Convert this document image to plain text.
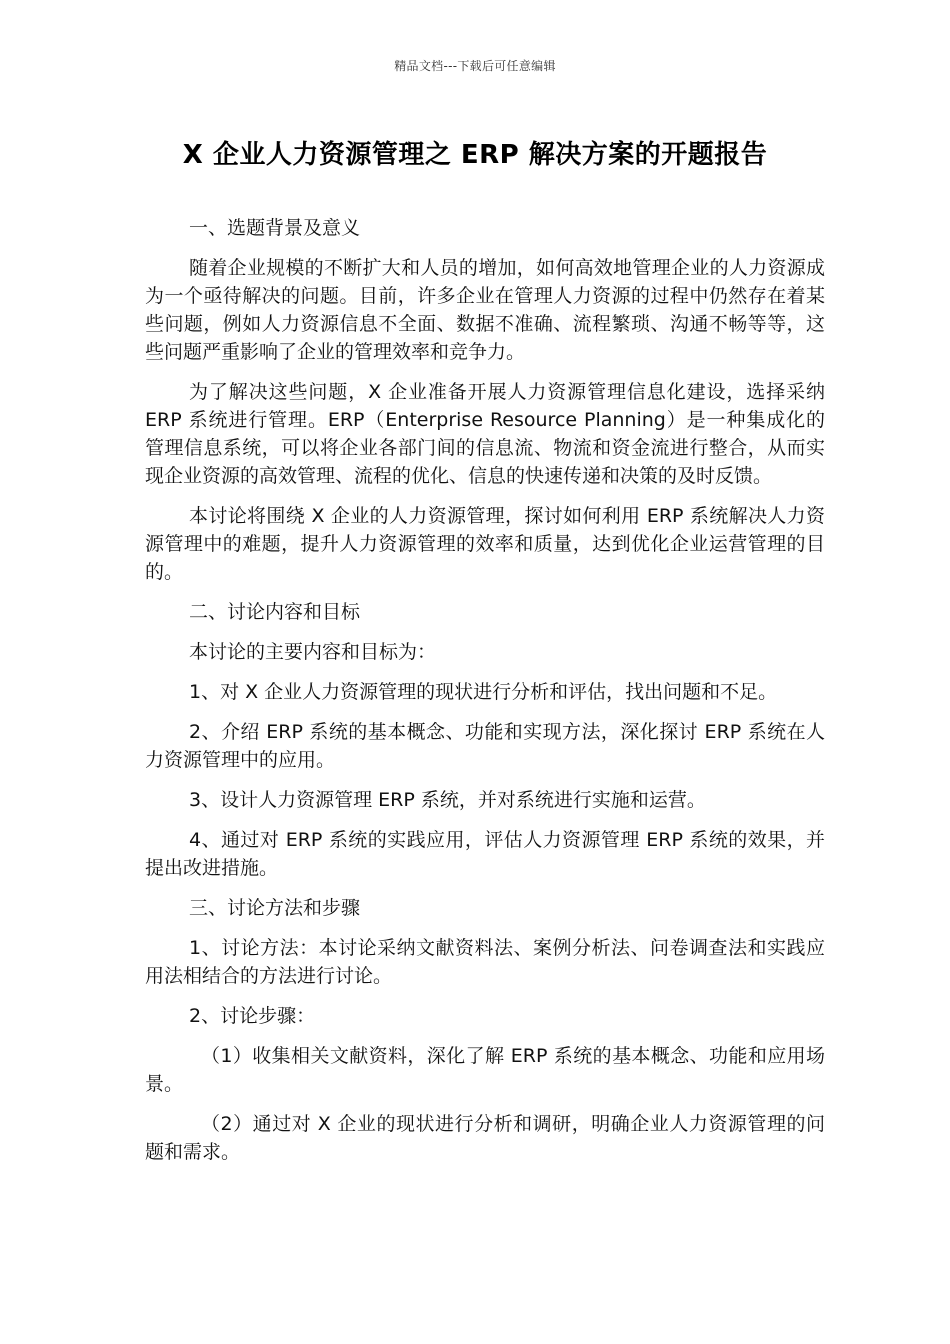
精品文档---下载后可任意编辑
X 企业人力资源管理之 ERP 解决方案的开题报告

一、选题背景及意义

随着企业规模的不断扩大和人员的增加，如何高效地管理企业的人力资源成为一个亟待解决的问题。目前，许多企业在管理人力资源的过程中仍然存在着某些问题，例如人力资源信息不全面、数据不准确、流程繁琐、沟通不畅等等，这些问题严重影响了企业的管理效率和竞争力。

为了解决这些问题，X 企业准备开展人力资源管理信息化建设，选择采纳 ERP 系统进行管理。ERP（Enterprise Resource Planning）是一种集成化的管理信息系统，可以将企业各部门间的信息流、物流和资金流进行整合，从而实现企业资源的高效管理、流程的优化、信息的快速传递和决策的及时反馈。

本讨论将围绕 X 企业的人力资源管理，探讨如何利用 ERP 系统解决人力资源管理中的难题，提升人力资源管理的效率和质量，达到优化企业运营管理的目的。

二、讨论内容和目标

本讨论的主要内容和目标为：

1、对 X 企业人力资源管理的现状进行分析和评估，找出问题和不足。

2、介绍 ERP 系统的基本概念、功能和实现方法，深化探讨 ERP 系统在人力资源管理中的应用。

3、设计人力资源管理 ERP 系统，并对系统进行实施和运营。

4、通过对 ERP 系统的实践应用，评估人力资源管理 ERP 系统的效果，并提出改进措施。

三、讨论方法和步骤

1、讨论方法：本讨论采纳文献资料法、案例分析法、问卷调查法和实践应用法相结合的方法进行讨论。

2、讨论步骤：

（1）收集相关文献资料，深化了解 ERP 系统的基本概念、功能和应用场景。

（2）通过对 X 企业的现状进行分析和调研，明确企业人力资源管理的问题和需求。
